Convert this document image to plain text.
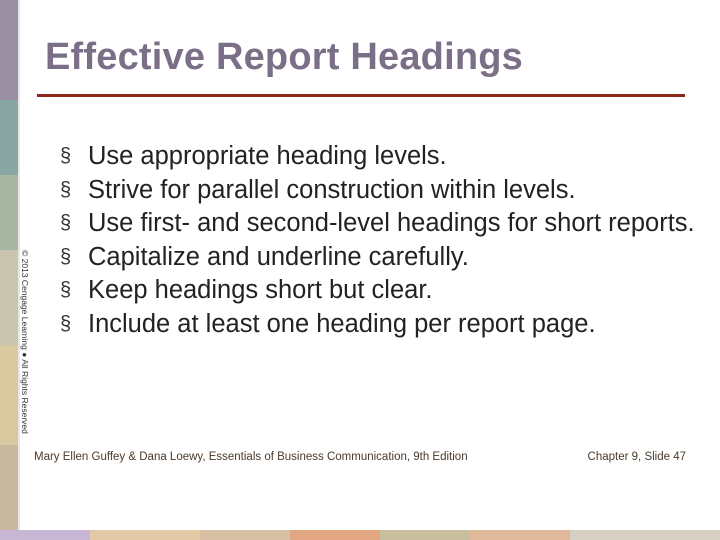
Effective Report Headings
© 2013 Cengage Learning ● All Rights Reserved
§ Use appropriate heading levels.
§ Strive for parallel construction within levels.
§ Use first- and second-level headings for short reports.
§ Capitalize and underline carefully.
§ Keep headings short but clear.
§ Include at least one heading per report page.
Mary Ellen Guffey & Dana Loewy, Essentials of Business Communication, 9th Edition	Chapter 9, Slide 47
